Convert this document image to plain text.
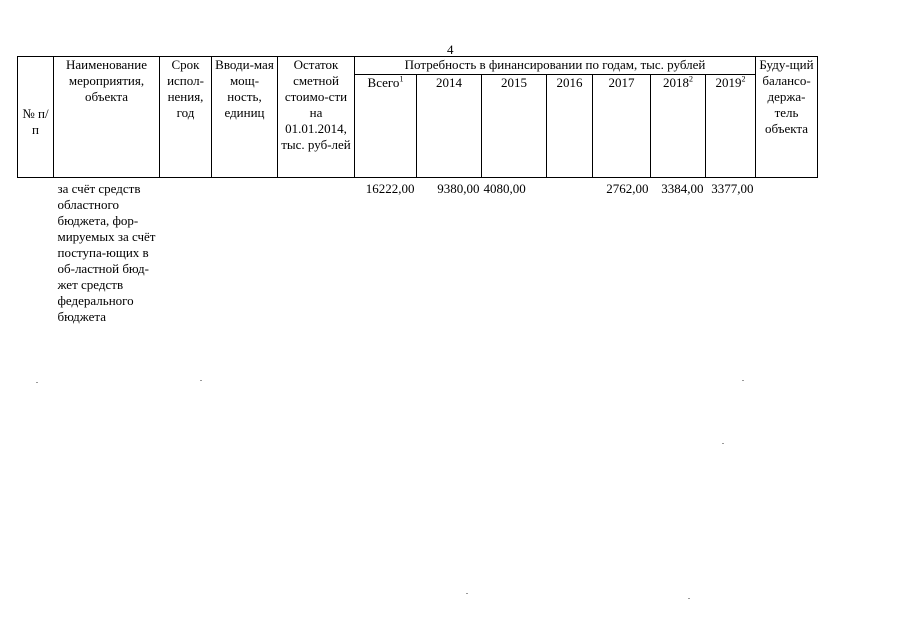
4
№ п/п	Наименование мероприятия, объекта	Срок испол-нения, год	Вводи-мая мощ-ность, единиц	Остаток сметной стоимо-сти на 01.01.2014, тыс. руб-лей	Потребность в финансировании по годам, тыс. рублей							Буду-щий балансо-держа-тель объекта
					Всего$^1$	2014	2015	2016	2017	2018$^2$	2019$^2$
	за счёт средств областного бюджета, фор-мируемых за счёт поступа-ющих в об-ластной бюд-жет средств федерального бюджета				16222,00	9380,00	4080,00		2762,00	3384,00	3377,00	
